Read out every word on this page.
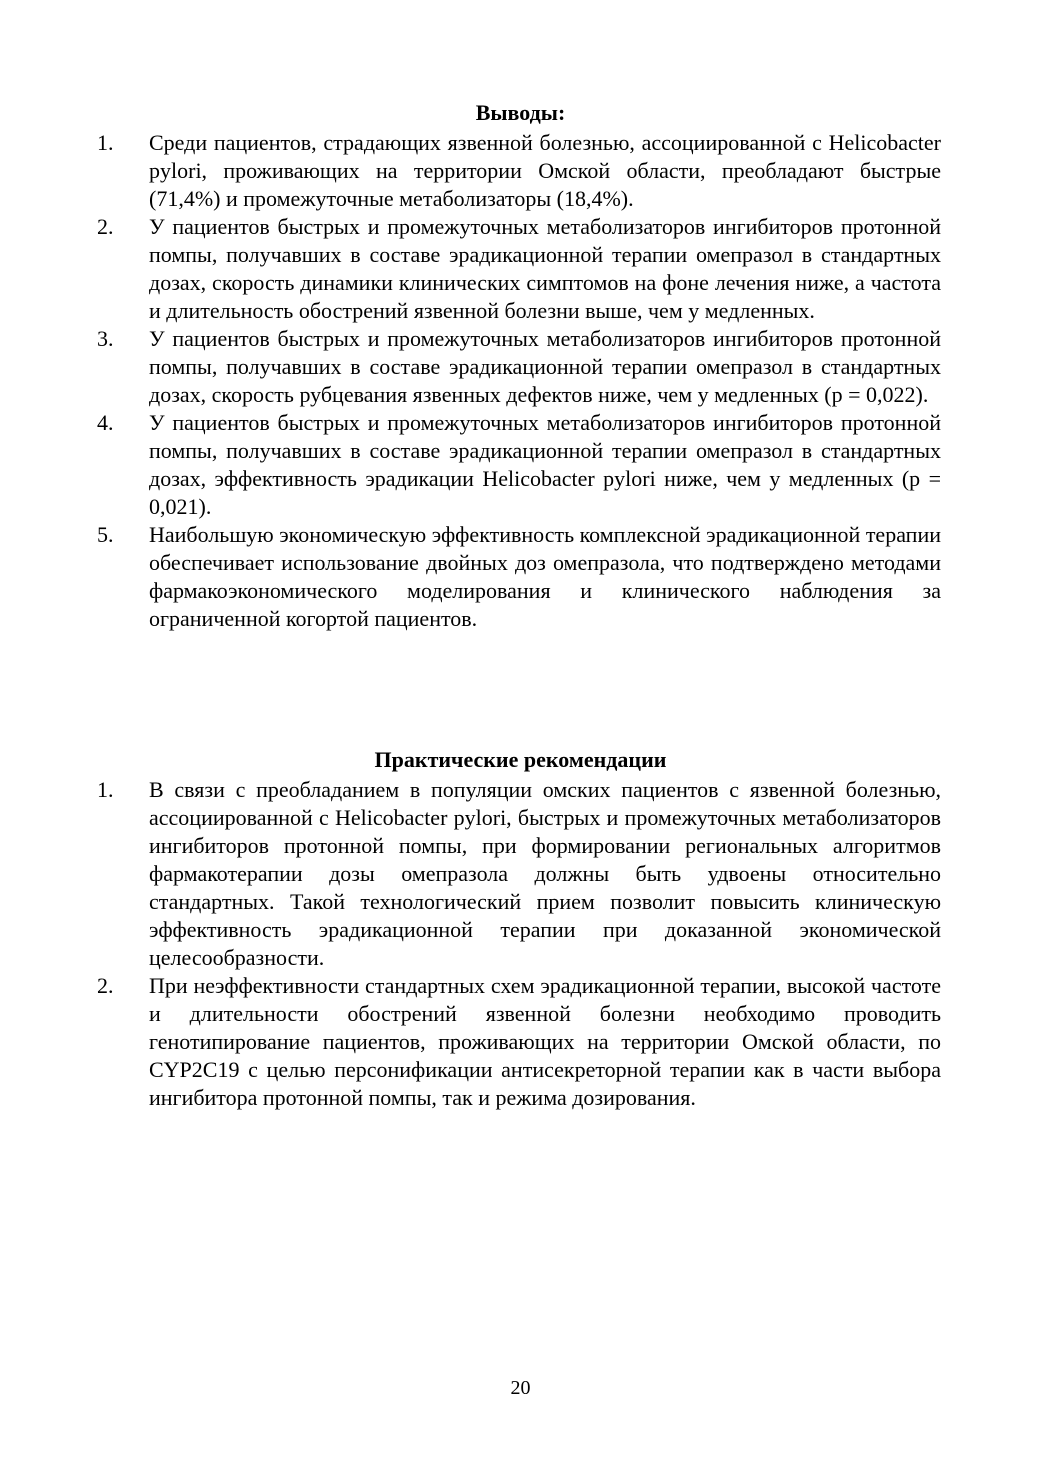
Выводы:
1. Среди пациентов, страдающих язвенной болезнью, ассоциированной с Helicobacter pylori, проживающих на территории Омской области, преобладают быстрые (71,4%) и промежуточные метаболизаторы (18,4%).
2. У пациентов быстрых и промежуточных метаболизаторов ингибиторов протонной помпы, получавших в составе эрадикационной терапии омепразол в стандартных дозах, скорость динамики клинических симптомов на фоне лечения ниже, а частота и длительность обострений язвенной болезни выше, чем у медленных.
3. У пациентов быстрых и промежуточных метаболизаторов ингибиторов протонной помпы, получавших в составе эрадикационной терапии омепразол в стандартных дозах, скорость рубцевания язвенных дефектов ниже, чем у медленных (p = 0,022).
4. У пациентов быстрых и промежуточных метаболизаторов ингибиторов протонной помпы, получавших в составе эрадикационной терапии омепразол в стандартных дозах, эффективность эрадикации Helicobacter pylori ниже, чем у медленных (p = 0,021).
5. Наибольшую экономическую эффективность комплексной эрадикационной терапии обеспечивает использование двойных доз омепразола, что подтверждено методами фармакоэкономического моделирования и клинического наблюдения за ограниченной когортой пациентов.
Практические рекомендации
1. В связи с преобладанием в популяции омских пациентов с язвенной болезнью, ассоциированной с Helicobacter pylori, быстрых и промежуточных метаболизаторов ингибиторов протонной помпы, при формировании региональных алгоритмов фармакотерапии дозы омепразола должны быть удвоены относительно стандартных. Такой технологический прием позволит повысить клиническую эффективность эрадикационной терапии при доказанной экономической целесообразности.
2. При неэффективности стандартных схем эрадикационной терапии, высокой частоте и длительности обострений язвенной болезни необходимо проводить генотипирование пациентов, проживающих на территории Омской области, по CYP2C19 с целью персонификации антисекреторной терапии как в части выбора ингибитора протонной помпы, так и режима дозирования.
20
